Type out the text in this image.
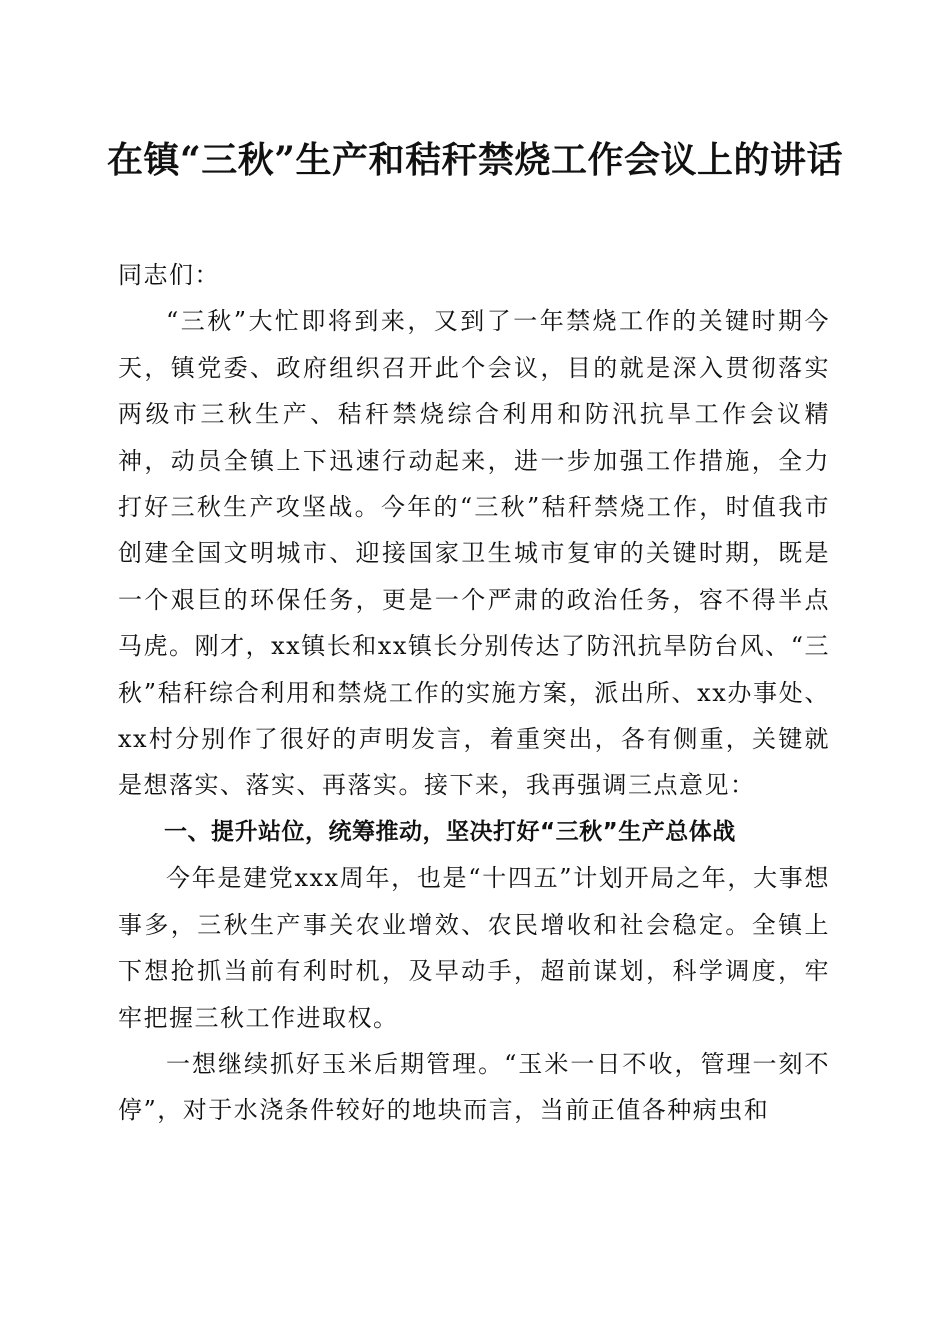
在镇“三秋”生产和秸秆禁烧工作会议上的讲话

同志们：

“三秋”大忙即将到来，又到了一年禁烧工作的关键时期今天，镇党委、政府组织召开此个会议，目的就是深入贯彻落实两级市三秋生产、秸秆禁烧综合利用和防汛抗旱工作会议精神，动员全镇上下迅速行动起来，进一步加强工作措施，全力打好三秋生产攻坚战。今年的“三秋”秸秆禁烧工作，时值我市创建全国文明城市、迎接国家卫生城市复审的关键时期，既是一个艰巨的环保任务，更是一个严肃的政治任务，容不得半点马虎。刚才，xx镇长和xx镇长分别传达了防汛抗旱防台风、“三秋”秸秆综合利用和禁烧工作的实施方案，派出所、xx办事处、xx村分别作了很好的声明发言，着重突出，各有侧重，关键就是想落实、落实、再落实。接下来，我再强调三点意见：

一、提升站位，统筹推动，坚决打好“三秋”生产总体战

今年是建党xxx周年，也是“十四五”计划开局之年，大事想事多，三秋生产事关农业增效、农民增收和社会稳定。全镇上下想抢抓当前有利时机，及早动手，超前谋划，科学调度，牢牢把握三秋工作进取权。

一想继续抓好玉米后期管理。“玉米一日不收，管理一刻不停”，对于水浇条件较好的地块而言，当前正值各种病虫和
